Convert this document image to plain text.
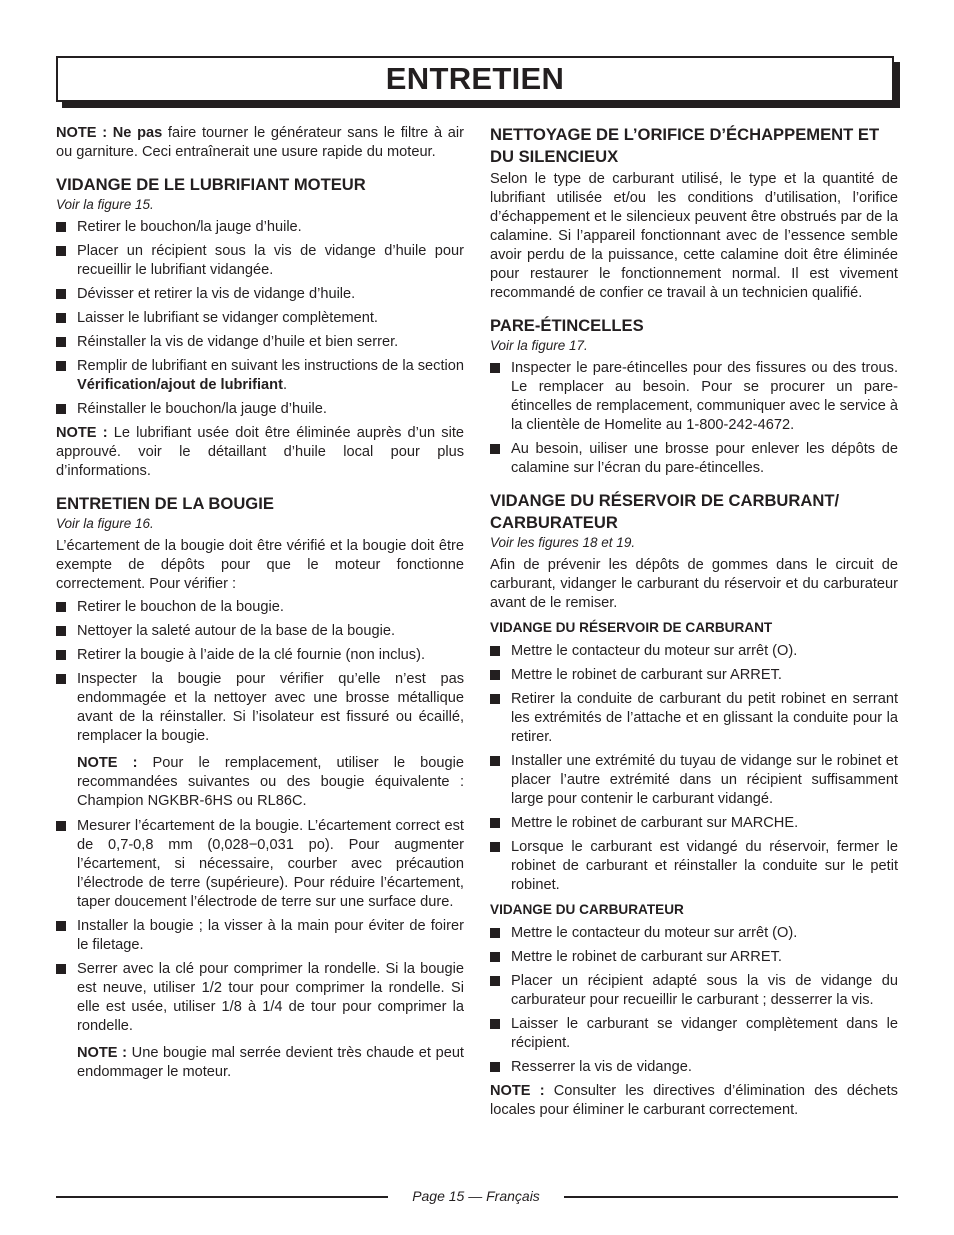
ENTRETIEN

NOTE : Ne pas faire tourner le générateur sans le filtre à air ou garniture. Ceci entraînerait une usure rapide du moteur.

VIDANGE DE LE LUBRIFIANT MOTEUR
Voir la figure 15.
Retirer le bouchon/la jauge d’huile.
Placer un récipient sous la vis de vidange d’huile pour recueillir le lubrifiant vidangée.
Dévisser et retirer la vis de vidange d’huile.
Laisser le lubrifiant se vidanger complètement.
Réinstaller la vis de vidange d’huile et bien serrer.
Remplir de lubrifiant en suivant les instructions de la section Vérification/ajout de lubrifiant.
Réinstaller le bouchon/la jauge d’huile.

NOTE : Le lubrifiant usée doit être éliminée auprès d’un site approuvé. voir le détaillant d’huile local pour plus d’informations.

ENTRETIEN DE LA BOUGIE
Voir la figure 16.

L’écartement de la bougie doit être vérifié et la bougie doit être exempte de dépôts pour que le moteur fonctionne correctement. Pour vérifier :

Retirer le bouchon de la bougie.
Nettoyer la saleté autour de la base de la bougie.
Retirer la bougie à l’aide de la clé fournie (non inclus).
Inspecter la bougie pour vérifier qu’elle n’est pas endommagée et la nettoyer avec une brosse métallique avant de la réinstaller. Si l’isolateur est fissuré ou écaillé, remplacer la bougie.

NOTE : Pour le remplacement, utiliser le bougie recommandées suivantes ou des bougie équivalente : Champion NGKBR-6HS ou RL86C.

Mesurer l’écartement de la bougie. L’écartement correct est de 0,7-0,8 mm (0,028−0,031 po). Pour augmenter l’écartement, si nécessaire, courber avec précaution l’électrode de terre (supérieure). Pour réduire l’écartement, taper doucement l’électrode de terre sur une surface dure.
Installer la bougie ; la visser à la main pour éviter de foirer le filetage.
Serrer avec la clé pour comprimer la rondelle. Si la bougie est neuve, utiliser 1/2 tour pour comprimer la rondelle. Si elle est usée, utiliser 1/8 à 1/4 de tour pour comprimer la rondelle.

NOTE : Une bougie mal serrée devient très chaude et peut endommager le moteur.

NETTOYAGE DE L’ORIFICE D’ÉCHAPPEMENT ET DU SILENCIEUX

Selon le type de carburant utilisé, le type et la quantité de lubrifiant utilisée et/ou les conditions d’utilisation, l’orifice d’échappement et le silencieux peuvent être obstrués par de la calamine. Si l’appareil fonctionnant avec de l’essence semble avoir perdu de la puissance, cette calamine doit être éliminée pour restaurer le fonctionnement normal. Il est vivement recommandé de confier ce travail à un technicien qualifié.

PARE-ÉTINCELLES
Voir la figure 17.
Inspecter le pare-étincelles pour des fissures ou des trous. Le remplacer au besoin. Pour se procurer un pare-étincelles de remplacement, communiquer avec le service à la clientèle de Homelite au 1-800-242-4672.
Au besoin, uiliser une brosse pour enlever les dépôts de calamine sur l’écran du pare-étincelles.
VIDANGE DU RÉSERVOIR DE CARBURANT/ CARBURATEUR
Voir les figures 18 et 19.

Afin de prévenir les dépôts de gommes dans le circuit de carburant, vidanger le carburant du réservoir et du carburateur avant de le remiser.

VIDANGE DU RÉSERVOIR DE CARBURANT
Mettre le contacteur du moteur sur arrêt (O).
Mettre le robinet de carburant sur ARRET.
Retirer la conduite de carburant du petit robinet en serrant les extrémités de l’attache et en glissant la conduite pour la retirer.
Installer une extrémité du tuyau de vidange sur le robinet et placer l’autre extrémité dans un récipient suffisamment large pour contenir le carburant vidangé.
Mettre le robinet de carburant sur MARCHE.
Lorsque le carburant est vidangé du réservoir, fermer le robinet de carburant et réinstaller la conduite sur le petit robinet.
VIDANGE DU CARBURATEUR
Mettre le contacteur du moteur sur arrêt (O).
Mettre le robinet de carburant sur ARRET.
Placer un récipient adapté sous la vis de vidange du carburateur pour recueillir le carburant ; desserrer la vis.
Laisser le carburant se vidanger complètement dans le récipient.
Resserrer la vis de vidange.

NOTE : Consulter les directives d’élimination des déchets locales pour éliminer le carburant correctement.

Page 15 — Français
